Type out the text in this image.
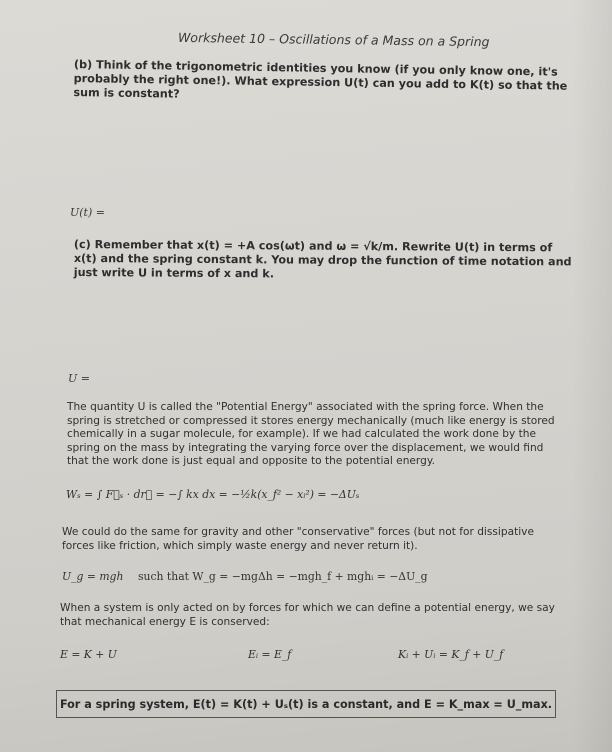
Worksheet 10 – Oscillations of a Mass on a Spring
(b) Think of the trigonometric identities you know (if you only know one, it's probably the right one!). What expression U(t) can you add to K(t) so that the sum is constant?
U(t) =
(c) Remember that x(t) = +A cos(ωt) and ω = √k/m. Rewrite U(t) in terms of x(t) and the spring constant k. You may drop the function of time notation and just write U in terms of x and k.
U =
The quantity U is called the "Potential Energy" associated with the spring force. When the spring is stretched or compressed it stores energy mechanically (much like energy is stored chemically in a sugar molecule, for example). If we had calculated the work done by the spring on the mass by integrating the varying force over the displacement, we would find that the work done is just equal and opposite to the potential energy.
Wₛ = ∫ F⃗ₛ · dr⃗ = −∫ kx dx = −½k(x_f² − xᵢ²) = −ΔUₛ
We could do the same for gravity and other "conservative" forces (but not for dissipative forces like friction, which simply waste energy and never return it).
U_g = mgh such that W_g = −mgΔh = −mgh_f + mghᵢ = −ΔU_g
When a system is only acted on by forces for which we can define a potential energy, we say that mechanical energy E is conserved:
E = K + U	Eᵢ = E_f	Kᵢ + Uᵢ = K_f + U_f
For a spring system, E(t) = K(t) + Uₛ(t) is a constant, and E = K_max = U_max.
